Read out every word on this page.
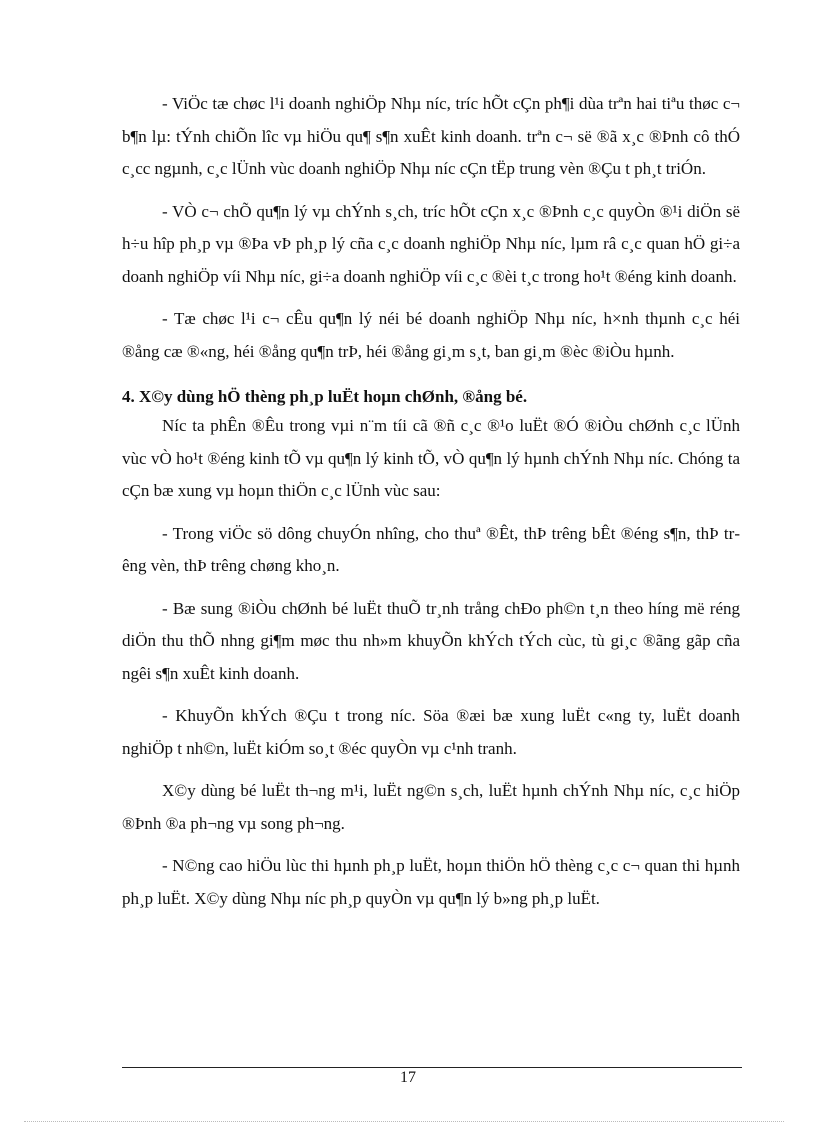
- ViÖc tæ chøc l¹i doanh nghiÖp Nhµ níc, tríc hÕt cÇn ph¶i dùa trªn hai tiªu thøc c¬ b¶n lµ: tÝnh chiÕn lîc vµ hiÖu qu¶ s¶n xuÊt kinh doanh. trªn c¬ së ®ã x¸c ®Þnh cô thÓ c¸cc ngµnh, c¸c lÜnh vùc doanh nghiÖp Nhµ níc cÇn tËp trung vèn ®Çu t ph¸t triÓn.

- VÒ c¬ chÕ qu¶n lý vµ chÝnh s¸ch, tríc hÕt cÇn x¸c ®Þnh c¸c quyÒn ®¹i diÖn së h÷u hîp ph¸p vµ ®Þa vÞ ph¸p lý cña c¸c doanh nghiÖp Nhµ níc, lµm râ c¸c quan hÖ gi÷a doanh nghiÖp víi Nhµ níc, gi÷a doanh nghiÖp víi c¸c ®èi t¸c trong ho¹t ®éng kinh doanh.

- Tæ chøc l¹i c¬ cÊu qu¶n lý néi bé doanh nghiÖp Nhµ níc, h×nh thµnh c¸c héi ®ång cæ ®«ng, héi ®ång qu¶n trÞ, héi ®ång gi¸m s¸t, ban gi¸m ®èc ®iÒu hµnh.

4. X©y dùng hÖ thèng ph¸p luËt hoµn chØnh, ®ång bé.

Níc ta phÊn ®Êu trong vµi n¨m tíi cã ®ñ c¸c ®¹o luËt ®Ó ®iÒu chØnh c¸c lÜnh vùc vÒ ho¹t ®éng kinh tÕ vµ qu¶n lý kinh tÕ, vÒ qu¶n lý hµnh chÝnh Nhµ níc. Chóng ta cÇn bæ xung vµ hoµn thiÖn c¸c lÜnh vùc sau:

- Trong viÖc sö dông chuyÓn nhîng, cho thuª ®Êt, thÞ trêng bÊt ®éng s¶n, thÞ trêng vèn, thÞ trêng chøng kho¸n.

- Bæ sung ®iÒu chØnh bé luËt thuÕ tr¸nh trång chÐo ph©n t¸n theo híng më réng diÖn thu thÕ nhng gi¶m møc thu nh»m khuyÕn khÝch tÝch cùc, tù gi¸c ®ãng gãp cña ngêi s¶n xuÊt kinh doanh.

- KhuyÕn khÝch ®Çu t trong níc. Söa ®æi bæ xung luËt c«ng ty, luËt doanh nghiÖp t nh©n, luËt kiÓm so¸t ®éc quyÒn vµ c¹nh tranh.

X©y dùng bé luËt th¬ng m¹i, luËt ng©n s¸ch, luËt hµnh chÝnh Nhµ níc, c¸c hiÖp ®Þnh ®a ph¬ng vµ song ph¬ng.

- N©ng cao hiÖu lùc thi hµnh ph¸p luËt, hoµn thiÖn hÖ thèng c¸c c¬ quan thi hµnh ph¸p luËt. X©y dùng Nhµ níc ph¸p quyÒn vµ qu¶n lý b»ng ph¸p luËt.

17
